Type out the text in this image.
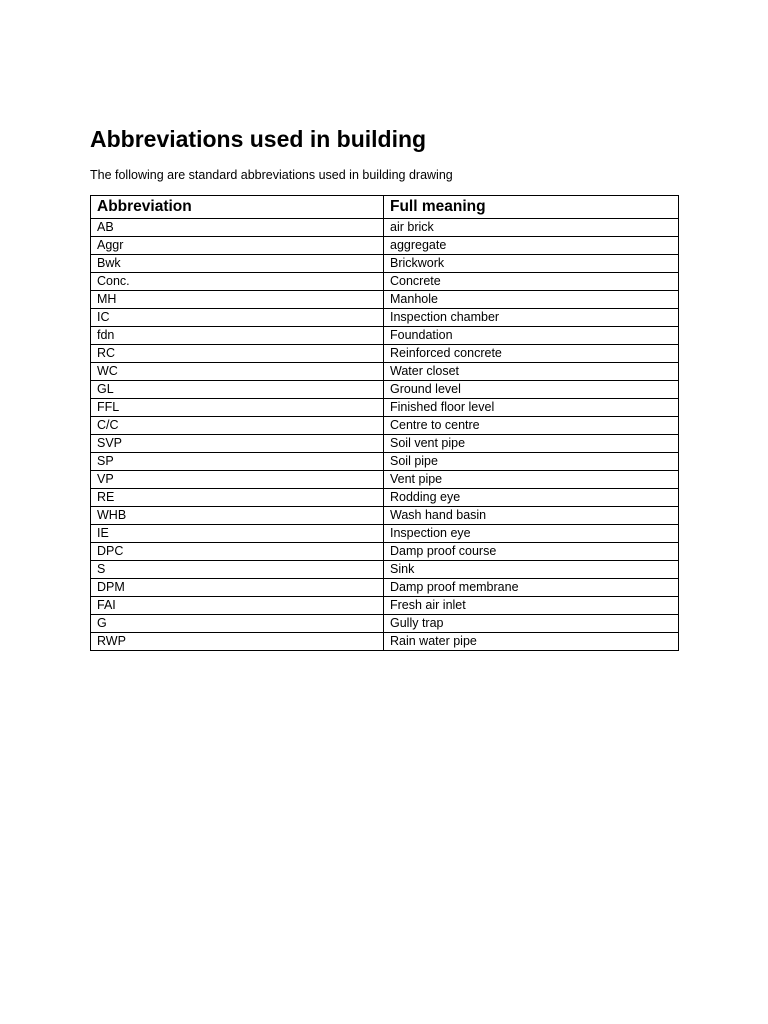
Abbreviations used in building

The following are standard abbreviations used in building drawing

Abbreviation	Full meaning
AB	air brick
Aggr	aggregate
Bwk	Brickwork
Conc.	Concrete
MH	Manhole
IC	Inspection chamber
fdn	Foundation
RC	Reinforced concrete
WC	Water closet
GL	Ground level
FFL	Finished floor level
C/C	Centre to centre
SVP	Soil vent pipe
SP	Soil pipe
VP	Vent pipe
RE	Rodding eye
WHB	Wash hand basin
IE	Inspection eye
DPC	Damp proof course
S	Sink
DPM	Damp proof membrane
FAI	Fresh air inlet
G	Gully trap
RWP	Rain water pipe
